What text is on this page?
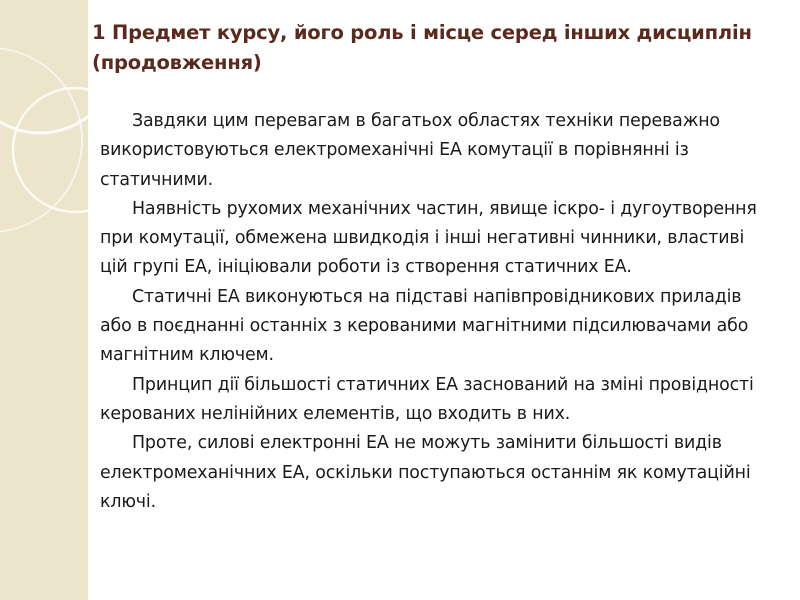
1 Предмет курсу, його роль і місце серед інших дисциплін (продовження)

Завдяки цим перевагам в багатьох областях техніки переважно використовуються електромеханічні ЕА комутації в порівнянні із статичними.

Наявність рухомих механічних частин, явище іскро- і дугоутворення при комутації, обмежена швидкодія і інші негативні чинники, властиві цій групі ЕА, ініціювали роботи із створення статичних ЕА.

Статичні ЕА виконуються на підставі напівпровідникових приладів або в поєднанні останніх з керованими магнітними підсилювачами або магнітним ключем.

Принцип дії більшості статичних ЕА заснований на зміні провідності керованих нелінійних елементів, що входить в них.

Проте, силові електронні ЕА не можуть замінити більшості видів електромеханічних ЕА, оскільки поступаються останнім як комутаційні ключі.
